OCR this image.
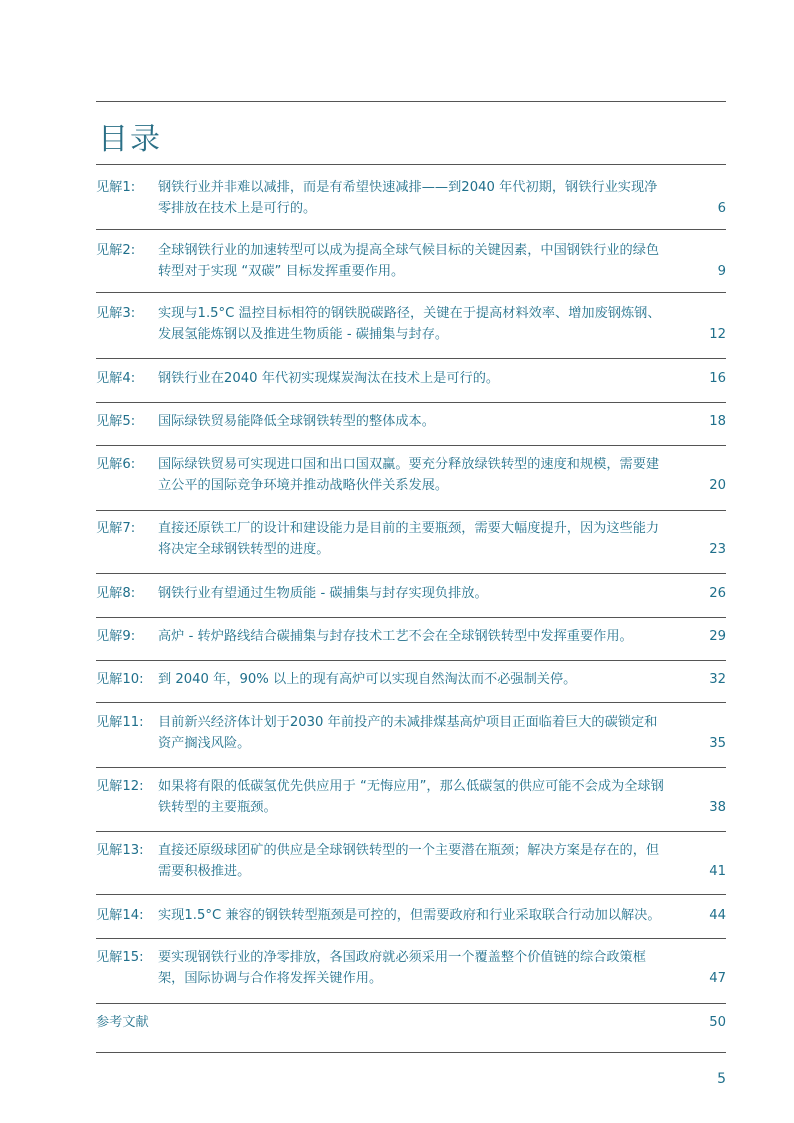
目录
见解1:	钢铁行业并非难以减排，而是有希望快速减排——到2040 年代初期，钢铁行业实现净零排放在技术上是可行的。	6
见解2:	全球钢铁行业的加速转型可以成为提高全球气候目标的关键因素，中国钢铁行业的绿色转型对于实现 “双碳” 目标发挥重要作用。	9
见解3:	实现与1.5°C 温控目标相符的钢铁脱碳路径，关键在于提高材料效率、增加废钢炼钢、发展氢能炼钢以及推进生物质能 - 碳捕集与封存。	12
见解4:	钢铁行业在2040 年代初实现煤炭淘汰在技术上是可行的。	16
见解5:	国际绿铁贸易能降低全球钢铁转型的整体成本。	18
见解6:	国际绿铁贸易可实现进口国和出口国双赢。要充分释放绿铁转型的速度和规模，需要建立公平的国际竞争环境并推动战略伙伴关系发展。	20
见解7:	直接还原铁工厂的设计和建设能力是目前的主要瓶颈，需要大幅度提升，因为这些能力将决定全球钢铁转型的进度。	23
见解8:	钢铁行业有望通过生物质能 - 碳捕集与封存实现负排放。	26
见解9:	高炉 - 转炉路线结合碳捕集与封存技术工艺不会在全球钢铁转型中发挥重要作用。	29
见解10:	到 2040 年，90% 以上的现有高炉可以实现自然淘汰而不必强制关停。	32
见解11:	目前新兴经济体计划于2030 年前投产的未减排煤基高炉项目正面临着巨大的碳锁定和资产搁浅风险。	35
见解12:	如果将有限的低碳氢优先供应用于 “无悔应用”，那么低碳氢的供应可能不会成为全球钢铁转型的主要瓶颈。	38
见解13:	直接还原级球团矿的供应是全球钢铁转型的一个主要潜在瓶颈；解决方案是存在的，但需要积极推进。	41
见解14:	实现1.5°C 兼容的钢铁转型瓶颈是可控的，但需要政府和行业采取联合行动加以解决。	44
见解15:	要实现钢铁行业的净零排放，各国政府就必须采用一个覆盖整个价值链的综合政策框架，国际协调与合作将发挥关键作用。	47
参考文献	50
5
